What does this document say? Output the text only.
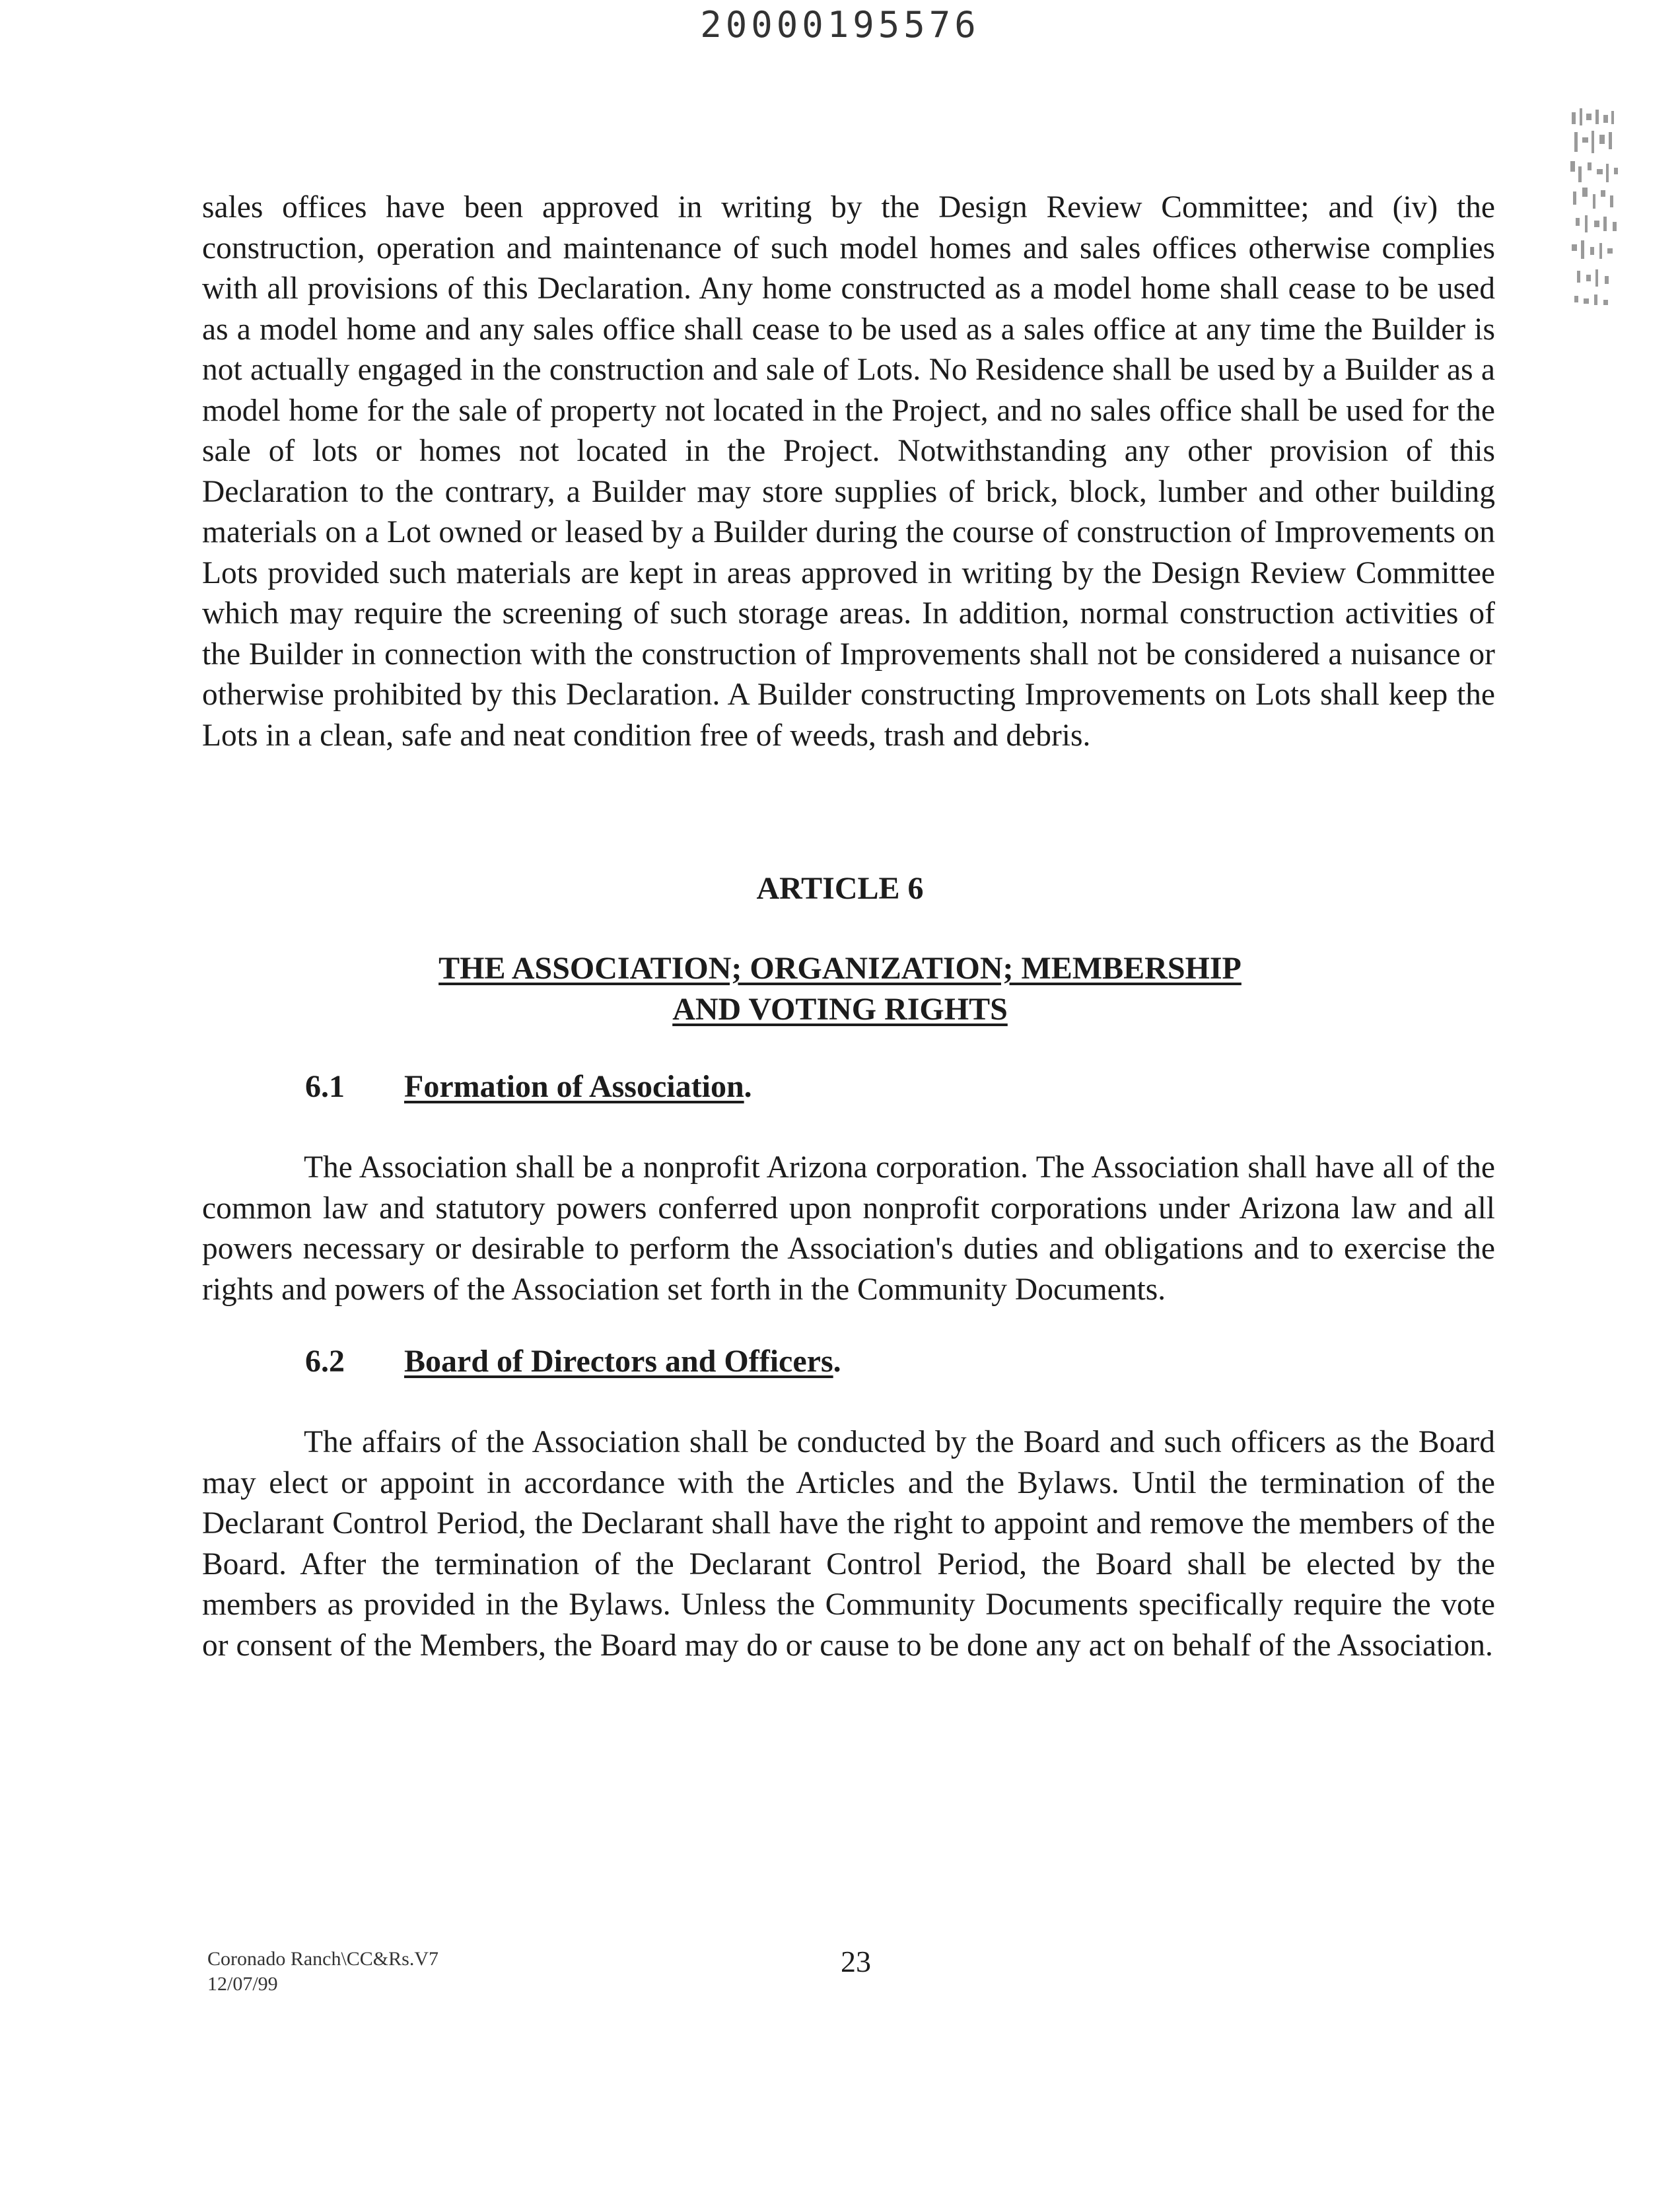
20000195576

sales offices have been approved in writing by the Design Review Committee; and (iv) the construction, operation and maintenance of such model homes and sales offices otherwise complies with all provisions of this Declaration. Any home constructed as a model home shall cease to be used as a model home and any sales office shall cease to be used as a sales office at any time the Builder is not actually engaged in the construction and sale of Lots. No Residence shall be used by a Builder as a model home for the sale of property not located in the Project, and no sales office shall be used for the sale of lots or homes not located in the Project. Notwithstanding any other provision of this Declaration to the contrary, a Builder may store supplies of brick, block, lumber and other building materials on a Lot owned or leased by a Builder during the course of construction of Improvements on Lots provided such materials are kept in areas approved in writing by the Design Review Committee which may require the screening of such storage areas. In addition, normal construction activities of the Builder in connection with the construction of Improvements shall not be considered a nuisance or otherwise prohibited by this Declaration. A Builder constructing Improvements on Lots shall keep the Lots in a clean, safe and neat condition free of weeds, trash and debris.

ARTICLE 6

THE ASSOCIATION; ORGANIZATION; MEMBERSHIP
AND VOTING RIGHTS

6.1 Formation of Association.

The Association shall be a nonprofit Arizona corporation. The Association shall have all of the common law and statutory powers conferred upon nonprofit corporations under Arizona law and all powers necessary or desirable to perform the Association's duties and obligations and to exercise the rights and powers of the Association set forth in the Community Documents.

6.2 Board of Directors and Officers.

The affairs of the Association shall be conducted by the Board and such officers as the Board may elect or appoint in accordance with the Articles and the Bylaws. Until the termination of the Declarant Control Period, the Declarant shall have the right to appoint and remove the members of the Board. After the termination of the Declarant Control Period, the Board shall be elected by the members as provided in the Bylaws. Unless the Community Documents specifically require the vote or consent of the Members, the Board may do or cause to be done any act on behalf of the Association.

Coronado Ranch\CC&Rs.V7
12/07/99
23
